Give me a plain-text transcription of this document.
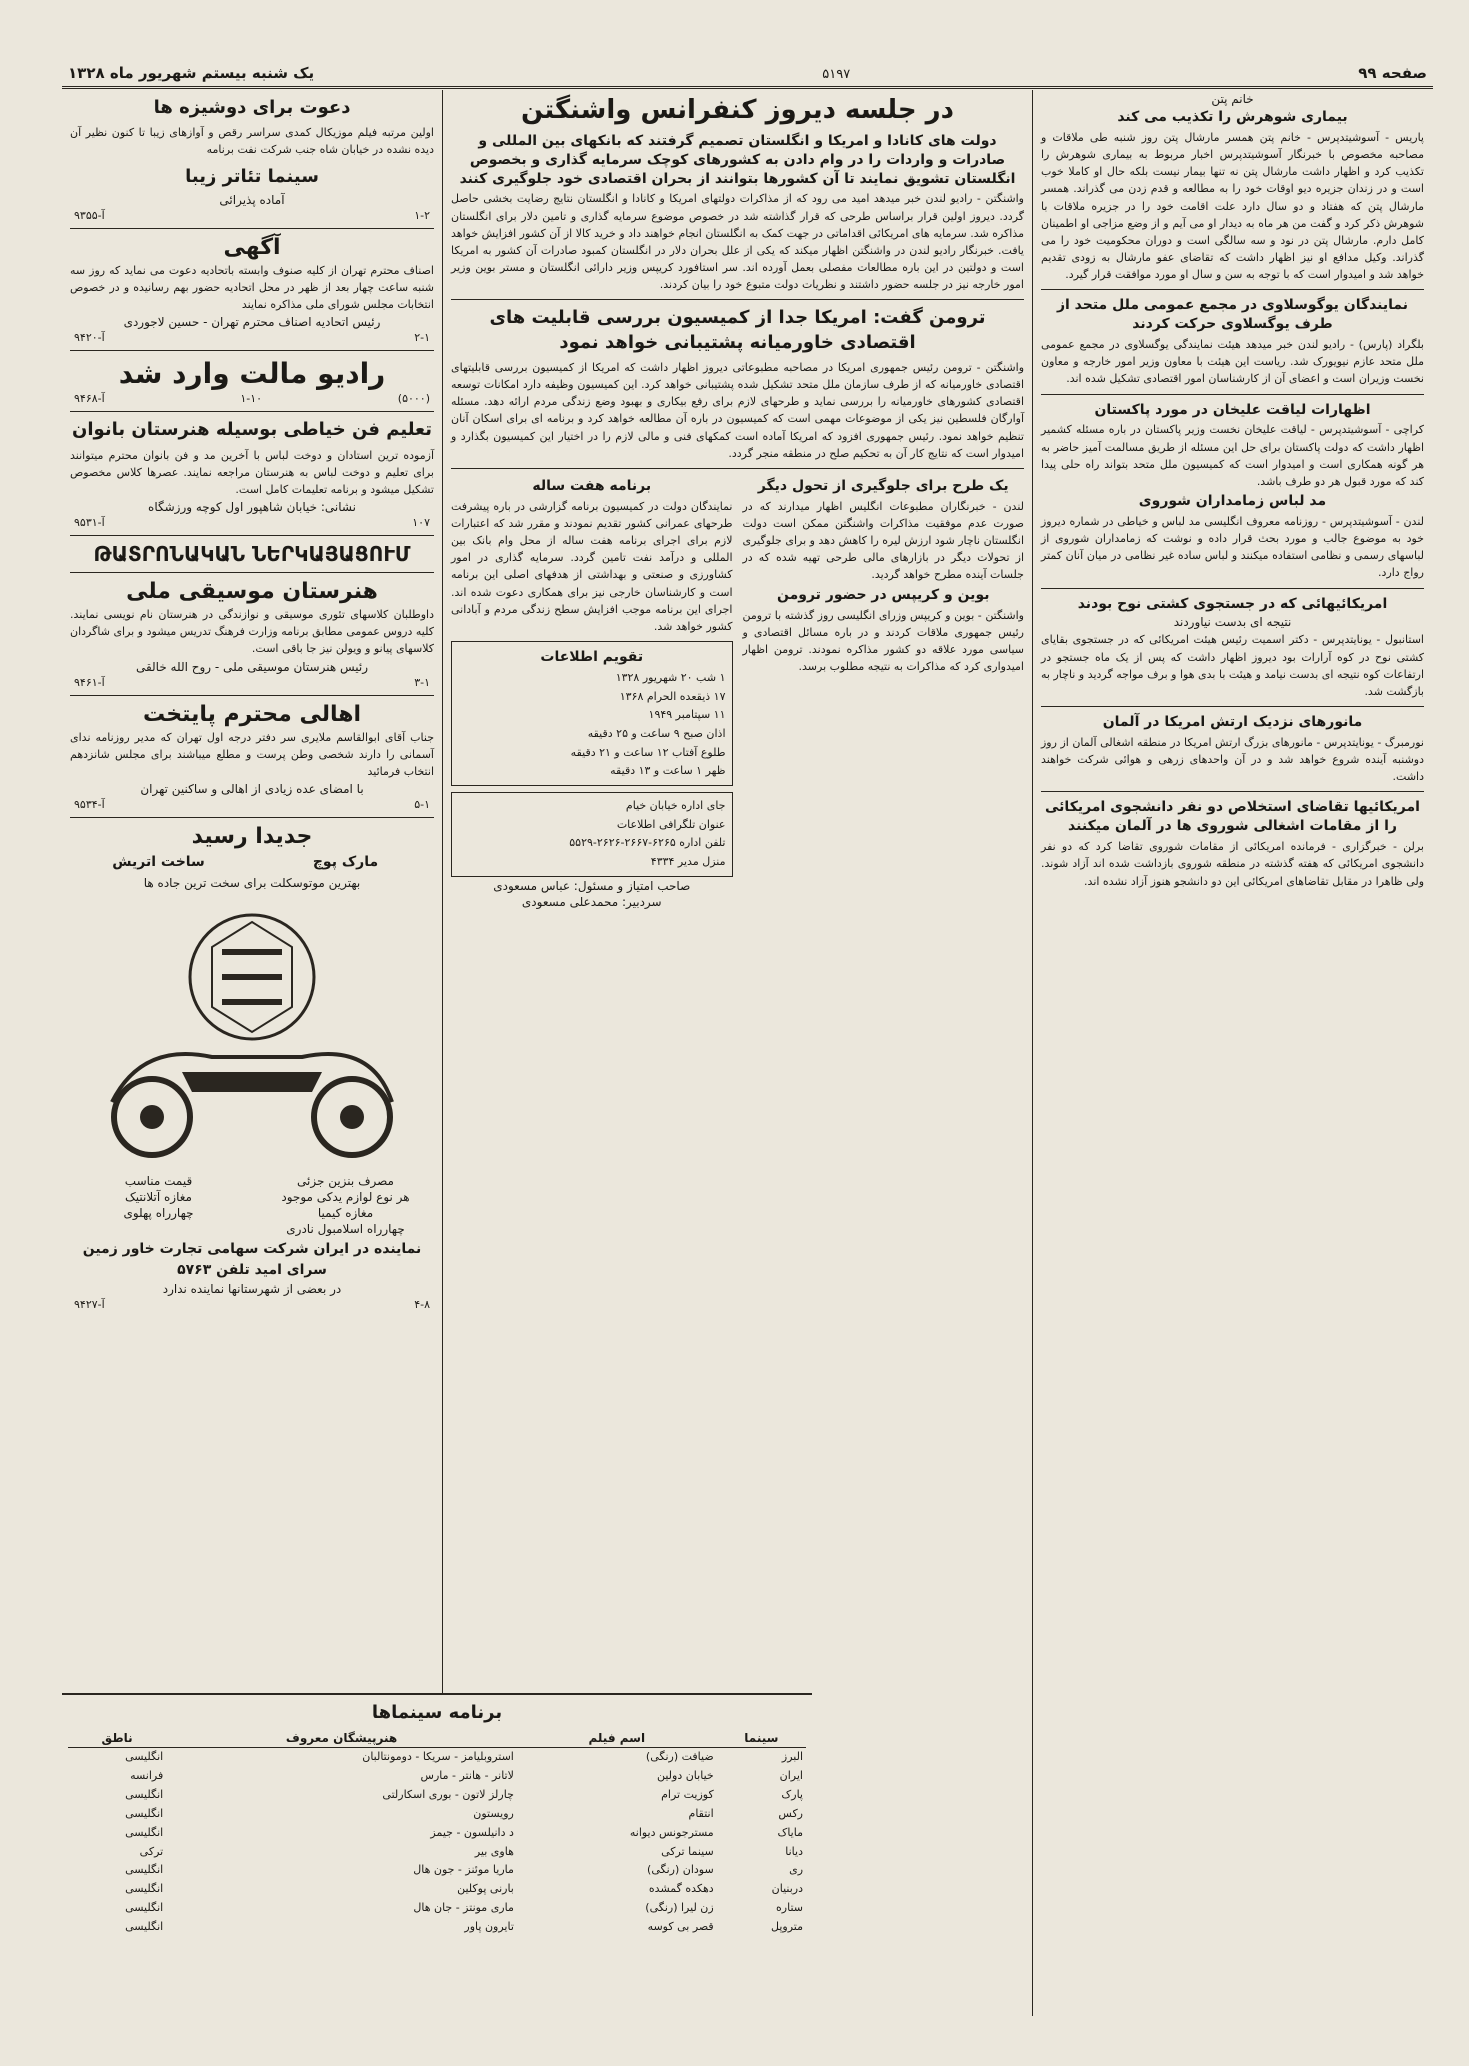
صفحه ۹۹
۵۱۹۷
یک شنبه بیستم شهریور ماه ۱۳۲۸
خانم پتن
بیماری شوهرش را تکذیب می کند

پاریس - آسوشیتدپرس - خانم پتن همسر مارشال پتن روز شنبه طی ملاقات و مصاحبه مخصوص با خبرنگار آسوشیتدپرس اخبار مربوط به بیماری شوهرش را تکذیب کرد و اظهار داشت مارشال پتن نه تنها بیمار نیست بلکه حال او کاملا خوب است و در زندان جزیره دیو اوقات خود را به مطالعه و قدم زدن می گذراند. همسر مارشال پتن که هفتاد و دو سال دارد علت اقامت خود را در جزیره ملاقات با شوهرش ذکر کرد و گفت من هر ماه به دیدار او می آیم و از وضع مزاجی او اطمینان کامل دارم. مارشال پتن در نود و سه سالگی است و دوران محکومیت خود را می گذراند. وکیل مدافع او نیز اظهار داشت که تقاضای عفو مارشال به زودی تقدیم خواهد شد و امیدوار است که با توجه به سن و سال او مورد موافقت قرار گیرد.

نمایندگان یوگوسلاوی در مجمع عمومی ملل متحد از طرف یوگسلاوی حرکت کردند

بلگراد (پارس) - رادیو لندن خبر میدهد هیئت نمایندگی یوگسلاوی در مجمع عمومی ملل متحد عازم نیویورک شد. ریاست این هیئت با معاون وزیر امور خارجه و معاون نخست وزیران است و اعضای آن از کارشناسان امور اقتصادی تشکیل شده اند.

اظهارات لیاقت علیخان در مورد پاکستان

کراچی - آسوشیتدپرس - لیاقت علیخان نخست وزیر پاکستان در باره مسئله کشمیر اظهار داشت که دولت پاکستان برای حل این مسئله از طریق مسالمت آمیز حاضر به هر گونه همکاری است و امیدوار است که کمیسیون ملل متحد بتواند راه حلی پیدا کند که مورد قبول هر دو طرف باشد.

مد لباس زمامداران شوروی

لندن - آسوشیتدپرس - روزنامه معروف انگلیسی مد لباس و خیاطی در شماره دیروز خود به موضوع جالب و مورد بحث قرار داده و نوشت که زمامداران شوروی از لباسهای رسمی و نظامی استفاده میکنند و لباس ساده غیر نظامی در میان آنان کمتر رواج دارد.

امریکائیهائی که در جستجوی کشتی نوح بودند
نتیجه ای بدست نیاوردند

استانبول - یونایتدپرس - دکتر اسمیت رئیس هیئت امریکائی که در جستجوی بقایای کشتی نوح در کوه آرارات بود دیروز اظهار داشت که پس از یک ماه جستجو در ارتفاعات کوه نتیجه ای بدست نیامد و هیئت با بدی هوا و برف مواجه گردید و ناچار به بازگشت شد.

مانورهای نزدیک ارتش امریکا در آلمان

نورمبرگ - یونایتدپرس - مانورهای بزرگ ارتش امریکا در منطقه اشغالی آلمان از روز دوشنبه آینده شروع خواهد شد و در آن واحدهای زرهی و هوائی شرکت خواهند داشت.

امریکائیها تقاضای استخلاص دو نفر دانشجوی امریکائی را از مقامات اشغالی شوروی ها در آلمان میکنند

برلن - خبرگزاری - فرمانده امریکائی از مقامات شوروی تقاضا کرد که دو نفر دانشجوی امریکائی که هفته گذشته در منطقه شوروی بازداشت شده اند آزاد شوند. ولی ظاهرا در مقابل تقاضاهای امریکائی این دو دانشجو هنوز آزاد نشده اند.

در جلسه دیروز کنفرانس واشنگتن
دولت های کانادا و امریکا و انگلستان تصمیم گرفتند که بانکهای بین المللی و صادرات و واردات را در وام دادن به کشورهای کوچک سرمایه گذاری و بخصوص انگلستان تشویق نمایند تا آن کشورها بتوانند از بحران اقتصادی خود جلوگیری کنند

واشنگتن - رادیو لندن خبر میدهد امید می رود که از مذاکرات دولتهای امریکا و کانادا و انگلستان نتایج رضایت بخشی حاصل گردد. دیروز اولین قرار براساس طرحی که قرار گذاشته شد در خصوص موضوع سرمایه گذاری و تامین دلار برای انگلستان مذاکره شد. سرمایه های امریکائی اقداماتی در جهت کمک به انگلستان انجام خواهند داد و خرید کالا از آن کشور افزایش خواهد یافت. خبرنگار رادیو لندن در واشنگتن اظهار میکند که یکی از علل بحران دلار در انگلستان کمبود صادرات آن کشور به امریکا است و دولتین در این باره مطالعات مفصلی بعمل آورده اند. سر استافورد کریپس وزیر دارائی انگلستان و مستر بوین وزیر امور خارجه نیز در جلسه حضور داشتند و نظریات دولت متبوع خود را بیان کردند.

ترومن گفت: امریکا جدا از کمیسیون بررسی قابلیت های اقتصادی خاورمیانه پشتیبانی خواهد نمود

واشنگتن - ترومن رئیس جمهوری امریکا در مصاحبه مطبوعاتی دیروز اظهار داشت که امریکا از کمیسیون بررسی قابلیتهای اقتصادی خاورمیانه که از طرف سازمان ملل متحد تشکیل شده پشتیبانی خواهد کرد. این کمیسیون وظیفه دارد امکانات توسعه اقتصادی کشورهای خاورمیانه را بررسی نماید و طرحهای لازم برای رفع بیکاری و بهبود وضع زندگی مردم ارائه دهد. مسئله آوارگان فلسطین نیز یکی از موضوعات مهمی است که کمیسیون در باره آن مطالعه خواهد کرد و برنامه ای برای اسکان آنان تنظیم خواهد نمود. رئیس جمهوری افزود که امریکا آماده است کمکهای فنی و مالی لازم را در اختیار این کمیسیون بگذارد و امیدوار است که نتایج کار آن به تحکیم صلح در منطقه منجر گردد.

یک طرح برای جلوگیری از تحول دیگر

لندن - خبرنگاران مطبوعات انگلیس اظهار میدارند که در صورت عدم موفقیت مذاکرات واشنگتن ممکن است دولت انگلستان ناچار شود ارزش لیره را کاهش دهد و برای جلوگیری از تحولات دیگر در بازارهای مالی طرحی تهیه شده که در جلسات آینده مطرح خواهد گردید.

بوین و کریپس در حضور ترومن

واشنگتن - بوین و کریپس وزرای انگلیسی روز گذشته با ترومن رئیس جمهوری ملاقات کردند و در باره مسائل اقتصادی و سیاسی مورد علاقه دو کشور مذاکره نمودند. ترومن اظهار امیدواری کرد که مذاکرات به نتیجه مطلوب برسد.

برنامه هفت ساله

نمایندگان دولت در کمیسیون برنامه گزارشی در باره پیشرفت طرحهای عمرانی کشور تقدیم نمودند و مقرر شد که اعتبارات لازم برای اجرای برنامه هفت ساله از محل وام بانک بین المللی و درآمد نفت تامین گردد. سرمایه گذاری در امور کشاورزی و صنعتی و بهداشتی از هدفهای اصلی این برنامه است و کارشناسان خارجی نیز برای همکاری دعوت شده اند. اجرای این برنامه موجب افزایش سطح زندگی مردم و آبادانی کشور خواهد شد.

تقویم اطلاعات
۱ شب ۲۰ شهریور ۱۳۲۸
۱۷ ذیقعده الحرام ۱۳۶۸
۱۱ سپتامبر ۱۹۴۹
اذان صبح ۹ ساعت و ۲۵ دقیقه
طلوع آفتاب ۱۲ ساعت و ۲۱ دقیقه
ظهر ۱ ساعت و ۱۳ دقیقه
جای اداره خیابان خیام
عنوان تلگرافی اطلاعات
تلفن اداره ۶۲۶۵-۲۶۶۷-۲۶۲۶-۵۵۲۹
منزل مدیر ۴۳۳۴
صاحب امتیاز و مسئول: عباس مسعودی
سردبیر: محمدعلی مسعودی
دعوت برای دوشیزه ها

اولین مرتبه فیلم موزیکال کمدی سراسر رقص و آوازهای زیبا تا کنون نظیر آن دیده نشده در خیابان شاه جنب شرکت نفت برنامه

سینما تئاتر زیبا
آماده پذیرائی
آ-۹۳۵۵	۱-۲
آگهی

اصناف محترم تهران از کلیه صنوف وابسته باتحادیه دعوت می نماید که روز سه شنبه ساعت چهار بعد از ظهر در محل اتحادیه حضور بهم رسانیده و در خصوص انتخابات مجلس شورای ملی مذاکره نمایند

رئیس اتحادیه اصناف محترم تهران - حسین لاجوردی
آ-۹۴۲۰	۲-۱
رادیو مالت وارد شد
آ-۹۴۶۸	۱-۱۰	(۵۰۰۰)
تعلیم فن خیاطی بوسیله هنرستان بانوان

آزموده ترین استادان و دوخت لباس با آخرین مد و فن بانوان محترم میتوانند برای تعلیم و دوخت لباس به هنرستان مراجعه نمایند. عصرها کلاس مخصوص تشکیل میشود و برنامه تعلیمات کامل است.

نشانی: خیابان شاهپور اول کوچه ورزشگاه
آ-۹۵۳۱	۱۰۷
ԹԱՏՐՈՆԱԿԱՆ ՆԵՐԿԱՅԱՑՈՒՄ
هنرستان موسیقی ملی

داوطلبان کلاسهای تئوری موسیقی و نوازندگی در هنرستان نام نویسی نمایند. کلیه دروس عمومی مطابق برنامه وزارت فرهنگ تدریس میشود و برای شاگردان کلاسهای پیانو و ویولن نیز جا باقی است.

رئیس هنرستان موسیقی ملی - روح الله خالقی
آ-۹۴۶۱	۳-۱
اهالی محترم پایتخت

جناب آقای ابوالقاسم ملایری سر دفتر درجه اول تهران که مدیر روزنامه ندای آسمانی را دارند شخصی وطن پرست و مطلع میباشند برای مجلس شانزدهم انتخاب فرمائید

با امضای عده زیادی از اهالی و ساکنین تهران
آ-۹۵۳۴	۵-۱
جدیدا رسید
مارک پوچ
ساخت اتریش
بهترین موتوسکلت برای سخت ترین جاده ها
مصرف بنزین جزئی
هر نوع لوازم یدکی موجود
مغازه کیمیا
چهارراه اسلامبول نادری
قیمت مناسب
مغازه آتلانتیک
چهارراه پهلوی
نماینده در ایران شرکت سهامی تجارت خاور زمین
سرای امید تلفن ۵۷۶۳
در بعضی از شهرستانها نماینده ندارد
آ-۹۴۲۷	۴-۸
برنامه سینماها
سینما	اسم فیلم	هنرپیشگان معروف	ناطق
البرز	ضیافت (رنگی)	استروبلیامز - سریکا - دومونتالبان	انگلیسی
ایران	خیابان دولین	لاتانر - هانتر - مارس	فرانسه
پارک	کوزیت ترام	چارلز لاتون - بوری اسکارلتی	انگلیسی
رکس	انتقام	رویستون	انگلیسی
مایاک	مسترجونس دیوانه	د دانیلسون - جیمز	انگلیسی
دیانا	سینما ترکی	هاوی بیر	ترکی
ری	سودان (رنگی)	ماریا موئنز - جون هال	انگلیسی
دربنیان	دهکده گمشده	بارنی پوکلین	انگلیسی
ستاره	زن لیرا (رنگی)	ماری مونتز - جان هال	انگلیسی
متروپل	قصر بی کوسه	تایرون پاور	انگلیسی
